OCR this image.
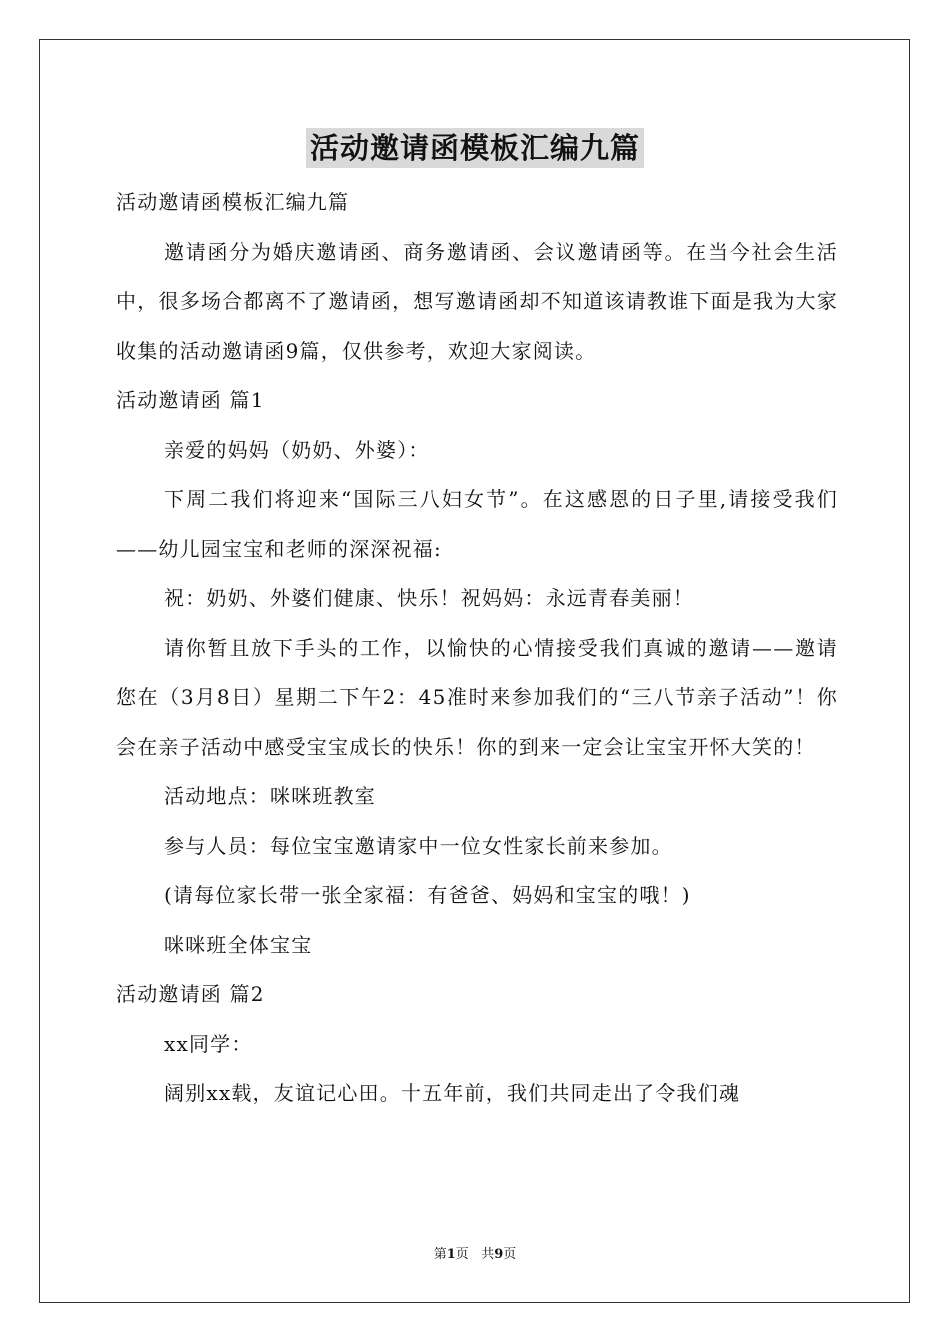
活动邀请函模板汇编九篇

活动邀请函模板汇编九篇

邀请函分为婚庆邀请函、商务邀请函、会议邀请函等。在当今社会生活中，很多场合都离不了邀请函，想写邀请函却不知道该请教谁下面是我为大家收集的活动邀请函9篇，仅供参考，欢迎大家阅读。

活动邀请函 篇1

亲爱的妈妈（奶奶、外婆）：

下周二我们将迎来“国际三八妇女节”。在这感恩的日子里,请接受我们——幼儿园宝宝和老师的深深祝福:

祝：奶奶、外婆们健康、快乐！祝妈妈：永远青春美丽！

请你暂且放下手头的工作，以愉快的心情接受我们真诚的邀请——邀请您在（3月8日）星期二下午2：45准时来参加我们的“三八节亲子活动”！你会在亲子活动中感受宝宝成长的快乐！你的到来一定会让宝宝开怀大笑的！

活动地点：咪咪班教室

参与人员：每位宝宝邀请家中一位女性家长前来参加。

(请每位家长带一张全家福：有爸爸、妈妈和宝宝的哦！)

咪咪班全体宝宝

活动邀请函 篇2

xx同学：

阔别xx载，友谊记心田。十五年前，我们共同走出了令我们魂

第1页 共9页
